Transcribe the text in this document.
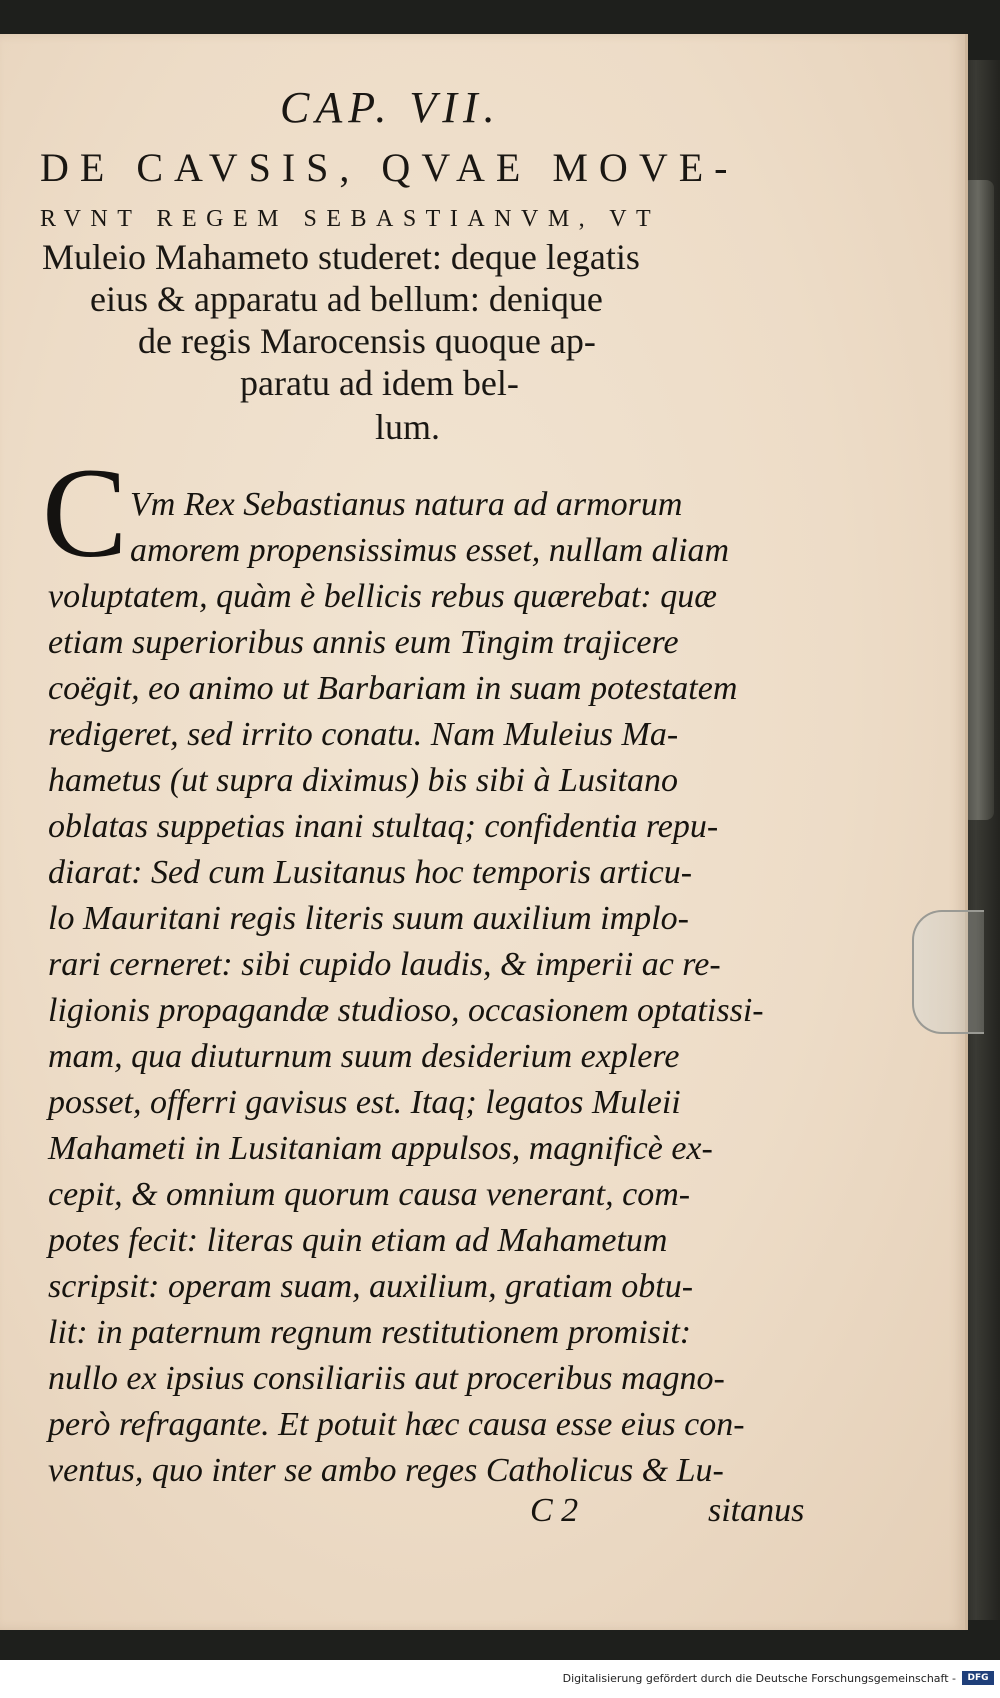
CAP. VII.
DE CAVSIS, QVAE MOVE-
RVNT REGEM SEBASTIANVM, VT
Muleio Mahameto studeret: deque legatis
eius & apparatu ad bellum: denique
de regis Marocensis quoque ap-
paratu ad idem bel-
lum.
C Vm Rex Sebastianus natura ad armorum
amorem propensissimus esset, nullam aliam
voluptatem, quàm è bellicis rebus quærebat: quæ
etiam superioribus annis eum Tingim trajicere
coëgit, eo animo ut Barbariam in suam potestatem
redigeret, sed irrito conatu. Nam Muleius Ma-
hametus (ut supra diximus) bis sibi à Lusitano
oblatas suppetias inani stultaq; confidentia repu-
diarat: Sed cum Lusitanus hoc temporis articu-
lo Mauritani regis literis suum auxilium implo-
rari cerneret: sibi cupido laudis, & imperii ac re-
ligionis propagandæ studioso, occasionem optatissi-
mam, qua diuturnum suum desiderium explere
posset, offerri gavisus est. Itaq; legatos Muleii
Mahameti in Lusitaniam appulsos, magnificè ex-
cepit, & omnium quorum causa venerant, com-
potes fecit: literas quin etiam ad Mahametum
scripsit: operam suam, auxilium, gratiam obtu-
lit: in paternum regnum restitutionem promisit:
nullo ex ipsius consiliariis aut proceribus magno-
però refragante. Et potuit hæc causa esse eius con-
ventus, quo inter se ambo reges Catholicus & Lu-
C 2	sitanus
Digitalisierung gefördert durch die Deutsche Forschungsgemeinschaft -	DFG
